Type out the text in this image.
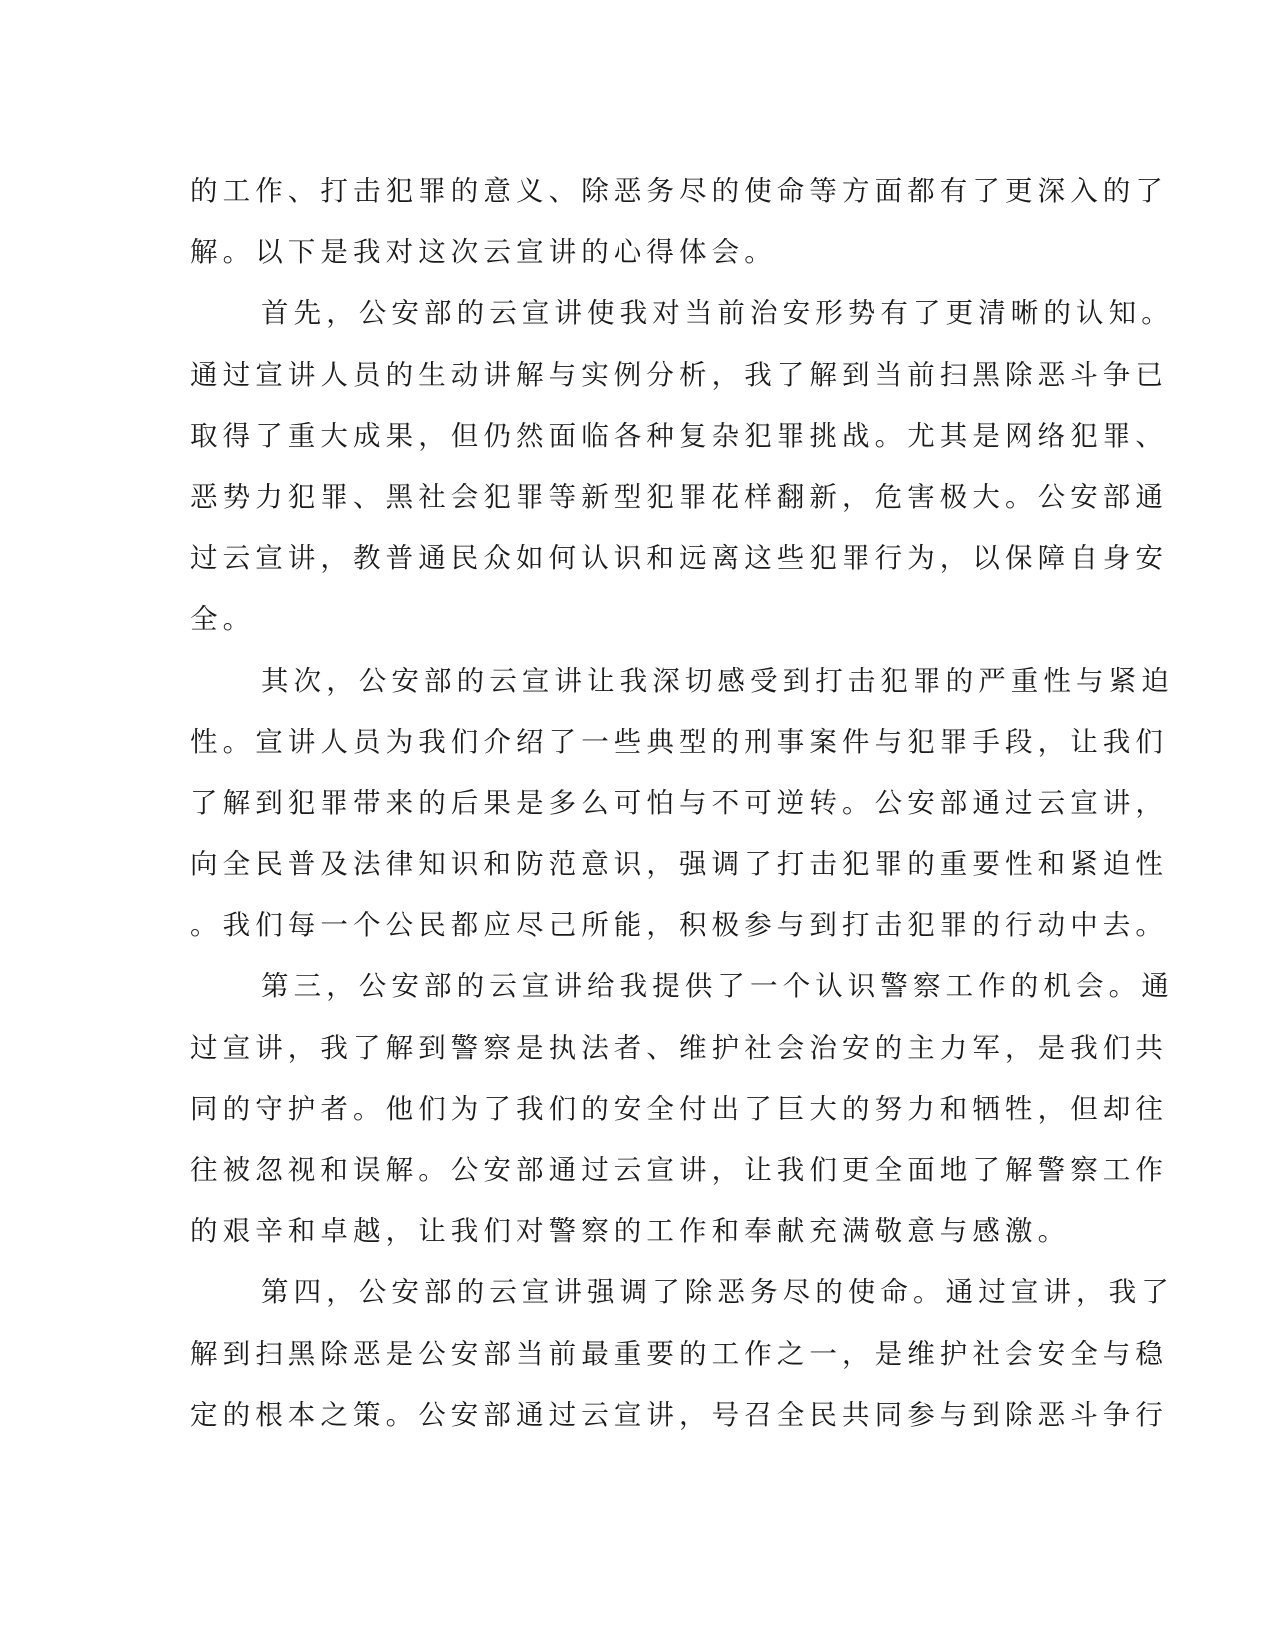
的工作、打击犯罪的意义、除恶务尽的使命等方面都有了更深入的了
解。以下是我对这次云宣讲的心得体会。
首先，公安部的云宣讲使我对当前治安形势有了更清晰的认知。
通过宣讲人员的生动讲解与实例分析，我了解到当前扫黑除恶斗争已
取得了重大成果，但仍然面临各种复杂犯罪挑战。尤其是网络犯罪、
恶势力犯罪、黑社会犯罪等新型犯罪花样翻新，危害极大。公安部通
过云宣讲，教普通民众如何认识和远离这些犯罪行为，以保障自身安
全。
其次，公安部的云宣讲让我深切感受到打击犯罪的严重性与紧迫
性。宣讲人员为我们介绍了一些典型的刑事案件与犯罪手段，让我们
了解到犯罪带来的后果是多么可怕与不可逆转。公安部通过云宣讲，
向全民普及法律知识和防范意识，强调了打击犯罪的重要性和紧迫性
。我们每一个公民都应尽己所能，积极参与到打击犯罪的行动中去。
第三，公安部的云宣讲给我提供了一个认识警察工作的机会。通
过宣讲，我了解到警察是执法者、维护社会治安的主力军，是我们共
同的守护者。他们为了我们的安全付出了巨大的努力和牺牲，但却往
往被忽视和误解。公安部通过云宣讲，让我们更全面地了解警察工作
的艰辛和卓越，让我们对警察的工作和奉献充满敬意与感激。
第四，公安部的云宣讲强调了除恶务尽的使命。通过宣讲，我了
解到扫黑除恶是公安部当前最重要的工作之一，是维护社会安全与稳
定的根本之策。公安部通过云宣讲，号召全民共同参与到除恶斗争行
